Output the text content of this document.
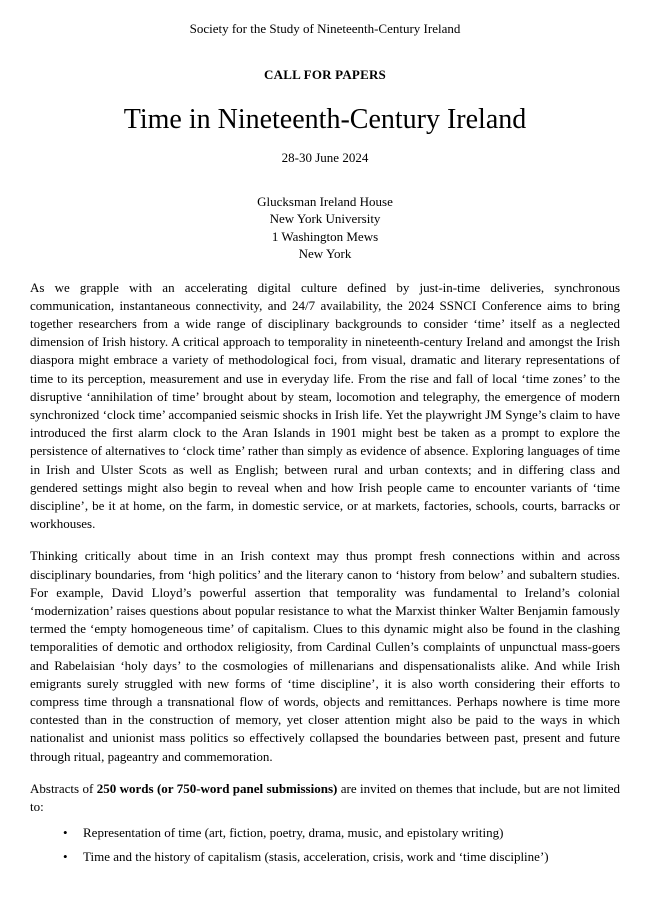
Society for the Study of Nineteenth-Century Ireland
CALL FOR PAPERS
Time in Nineteenth-Century Ireland
28-30 June 2024
Glucksman Ireland House
New York University
1 Washington Mews
New York

As we grapple with an accelerating digital culture defined by just-in-time deliveries, synchronous communication, instantaneous connectivity, and 24/7 availability, the 2024 SSNCI Conference aims to bring together researchers from a wide range of disciplinary backgrounds to consider ‘time’ itself as a neglected dimension of Irish history. A critical approach to temporality in nineteenth-century Ireland and amongst the Irish diaspora might embrace a variety of methodological foci, from visual, dramatic and literary representations of time to its perception, measurement and use in everyday life. From the rise and fall of local ‘time zones’ to the disruptive ‘annihilation of time’ brought about by steam, locomotion and telegraphy, the emergence of modern synchronized ‘clock time’ accompanied seismic shocks in Irish life. Yet the playwright JM Synge’s claim to have introduced the first alarm clock to the Aran Islands in 1901 might best be taken as a prompt to explore the persistence of alternatives to ‘clock time’ rather than simply as evidence of absence. Exploring languages of time in Irish and Ulster Scots as well as English; between rural and urban contexts; and in differing class and gendered settings might also begin to reveal when and how Irish people came to encounter variants of ‘time discipline’, be it at home, on the farm, in domestic service, or at markets, factories, schools, courts, barracks or workhouses.

Thinking critically about time in an Irish context may thus prompt fresh connections within and across disciplinary boundaries, from ‘high politics’ and the literary canon to ‘history from below’ and subaltern studies. For example, David Lloyd’s powerful assertion that temporality was fundamental to Ireland’s colonial ‘modernization’ raises questions about popular resistance to what the Marxist thinker Walter Benjamin famously termed the ‘empty homogeneous time’ of capitalism. Clues to this dynamic might also be found in the clashing temporalities of demotic and orthodox religiosity, from Cardinal Cullen’s complaints of unpunctual mass-goers and Rabelaisian ‘holy days’ to the cosmologies of millenarians and dispensationalists alike. And while Irish emigrants surely struggled with new forms of ‘time discipline’, it is also worth considering their efforts to compress time through a transnational flow of words, objects and remittances. Perhaps nowhere is time more contested than in the construction of memory, yet closer attention might also be paid to the ways in which nationalist and unionist mass politics so effectively collapsed the boundaries between past, present and future through ritual, pageantry and commemoration.

Abstracts of 250 words (or 750-word panel submissions) are invited on themes that include, but are not limited to:

• Representation of time (art, fiction, poetry, drama, music, and epistolary writing)
• Time and the history of capitalism (stasis, acceleration, crisis, work and ‘time discipline’)
